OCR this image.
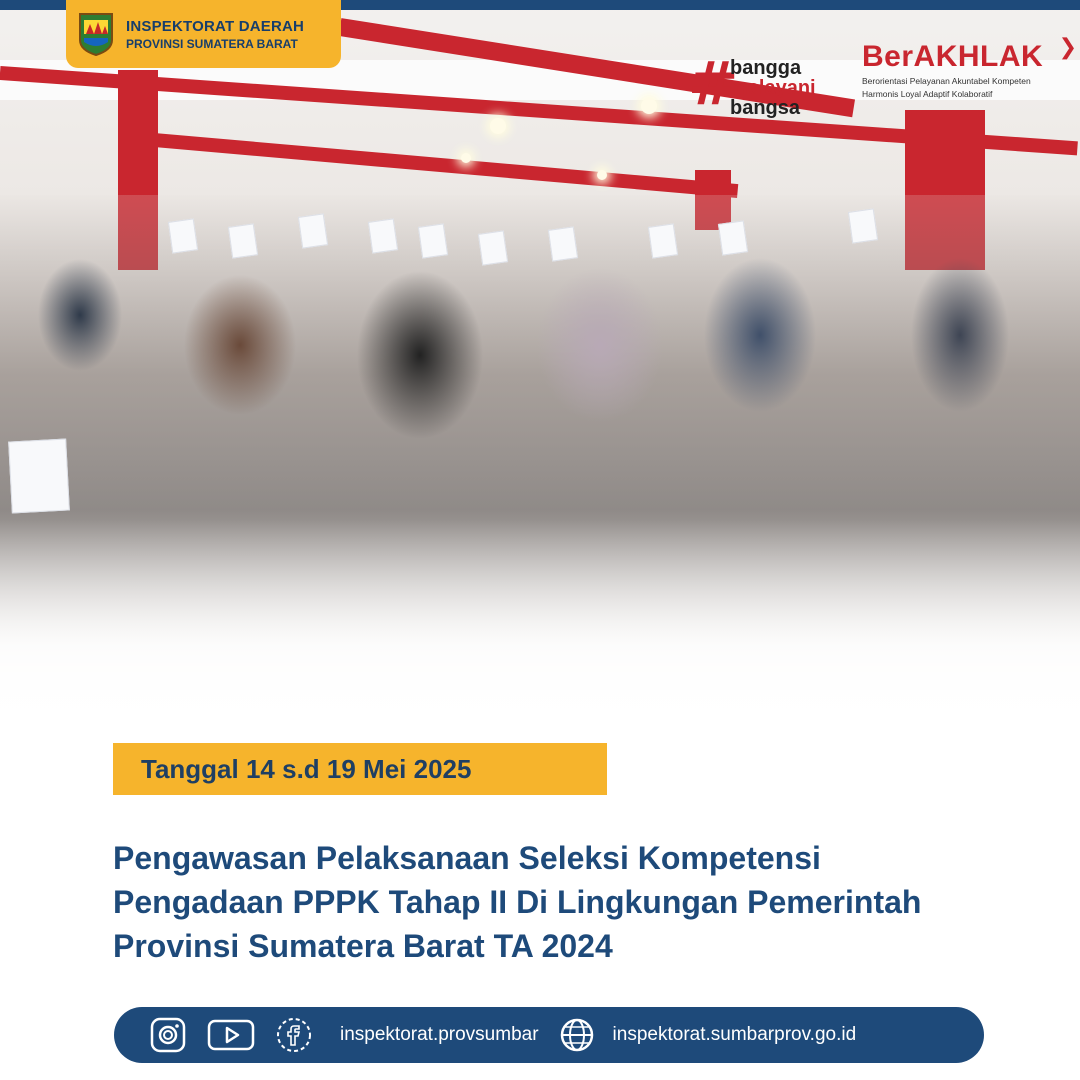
INSPEKTORAT DAERAH
PROVINSI SUMATERA BARAT
#
bangga
melayani
bangsa
❯
BerAKHLAK
Berorientasi Pelayanan Akuntabel Kompeten
Harmonis Loyal Adaptif Kolaboratif
Tanggal 14 s.d 19 Mei 2025
Pengawasan Pelaksanaan Seleksi Kompetensi
Pengadaan PPPK Tahap II Di Lingkungan Pemerintah
Provinsi Sumatera Barat TA 2024
inspektorat.provsumbar	inspektorat.sumbarprov.go.id
